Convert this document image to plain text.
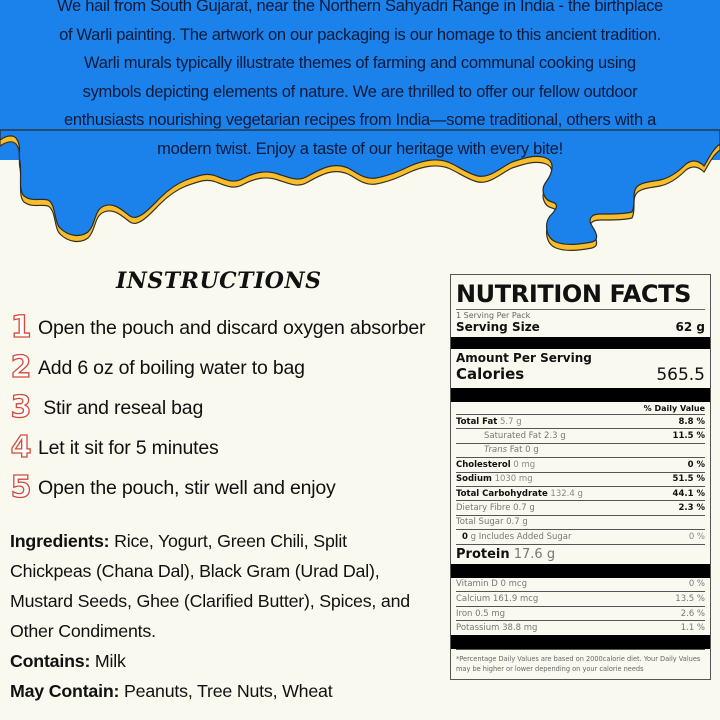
We hail from South Gujarat, near the Northern Sahyadri Range in India - the birthplace
of Warli painting. The artwork on our packaging is our homage to this ancient tradition.
Warli murals typically illustrate themes of farming and communal cooking using
symbols depicting elements of nature. We are thrilled to offer our fellow outdoor
enthusiasts nourishing vegetarian recipes from India—some traditional, others with a
modern twist. Enjoy a taste of our heritage with every bite!
INSTRUCTIONS
1 Open the pouch and discard oxygen absorber
2 Add 6 oz of boiling water to bag
3 Stir and reseal bag
4 Let it sit for 5 minutes
5 Open the pouch, stir well and enjoy
Ingredients: Rice, Yogurt, Green Chili, Split Chickpeas (Chana Dal), Black Gram (Urad Dal), Mustard Seeds, Ghee (Clarified Butter), Spices, and Other Condiments.
Contains: Milk
May Contain: Peanuts, Tree Nuts, Wheat
NUTRITION FACTS
1 Serving Per Pack
Serving Size	62 g
Amount Per Serving
Calories	565.5
% Daily Value
Total Fat 5.7 g	8.8 %
Saturated Fat 2.3 g	11.5 %
Trans Fat 0 g
Cholesterol 0 mg	0 %
Sodium 1030 mg	51.5 %
Total Carbohydrate 132.4 g	44.1 %
Dietary Fibre 0.7 g	2.3 %
Total Sugar 0.7 g
0 g Includes Added Sugar	0 %
Protein 17.6 g
Vitamin D 0 mcg	0 %
Calcium 161.9 mcg	13.5 %
Iron 0.5 mg	2.6 %
Potassium 38.8 mg	1.1 %
*Percentage Daily Values are based on 2000calorie diet. Your Daily Values may be higher or lower depending on your calorie needs
